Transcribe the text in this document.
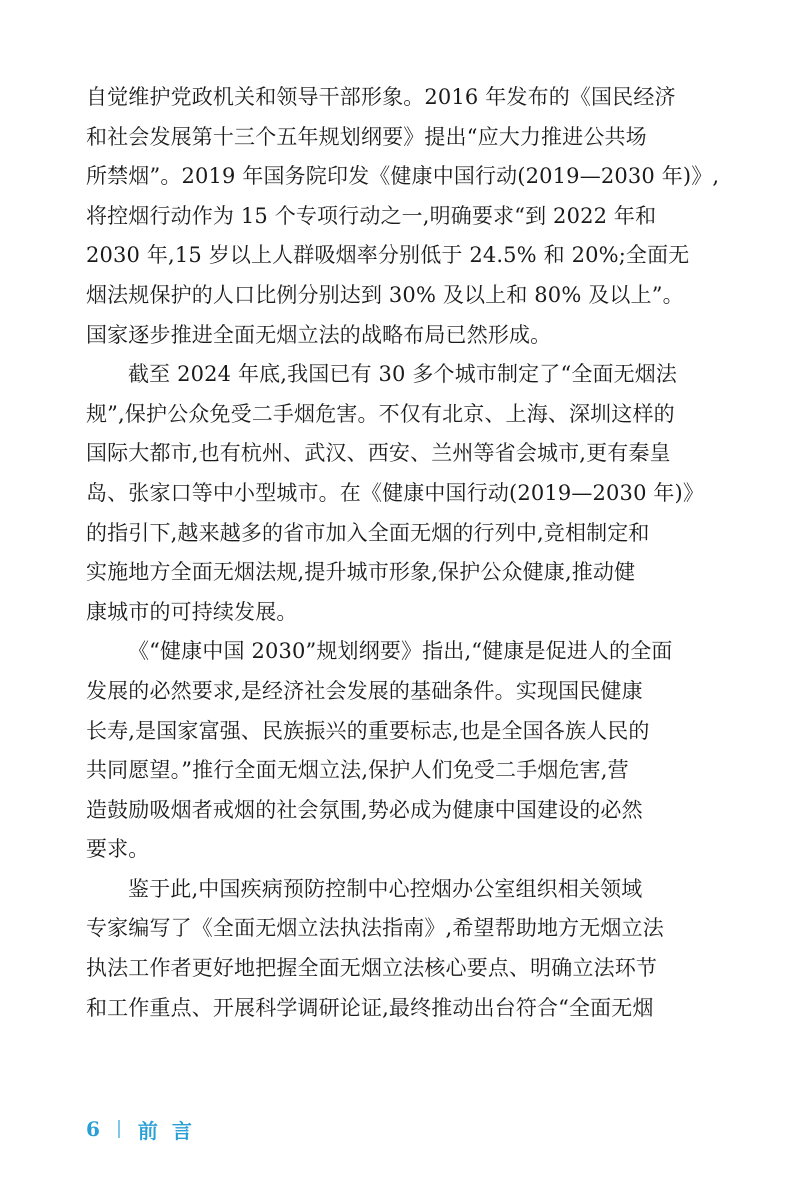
自觉维护党政机关和领导干部形象。2016 年发布的《国民经济
和社会发展第十三个五年规划纲要》提出“应大力推进公共场
所禁烟”。2019 年国务院印发《健康中国行动(2019—2030 年)》,
将控烟行动作为 15 个专项行动之一,明确要求“到 2022 年和
2030 年,15 岁以上人群吸烟率分别低于 24.5% 和 20%;全面无
烟法规保护的人口比例分别达到 30% 及以上和 80% 及以上”。
国家逐步推进全面无烟立法的战略布局已然形成。
截至 2024 年底,我国已有 30 多个城市制定了“全面无烟法
规”,保护公众免受二手烟危害。不仅有北京、上海、深圳这样的
国际大都市,也有杭州、武汉、西安、兰州等省会城市,更有秦皇
岛、张家口等中小型城市。在《健康中国行动(2019—2030 年)》
的指引下,越来越多的省市加入全面无烟的行列中,竞相制定和
实施地方全面无烟法规,提升城市形象,保护公众健康,推动健
康城市的可持续发展。
《“健康中国 2030”规划纲要》指出,“健康是促进人的全面
发展的必然要求,是经济社会发展的基础条件。实现国民健康
长寿,是国家富强、民族振兴的重要标志,也是全国各族人民的
共同愿望。”推行全面无烟立法,保护人们免受二手烟危害,营
造鼓励吸烟者戒烟的社会氛围,势必成为健康中国建设的必然
要求。
鉴于此,中国疾病预防控制中心控烟办公室组织相关领域
专家编写了《全面无烟立法执法指南》,希望帮助地方无烟立法
执法工作者更好地把握全面无烟立法核心要点、明确立法环节
和工作重点、开展科学调研论证,最终推动出台符合“全面无烟
6 前言
